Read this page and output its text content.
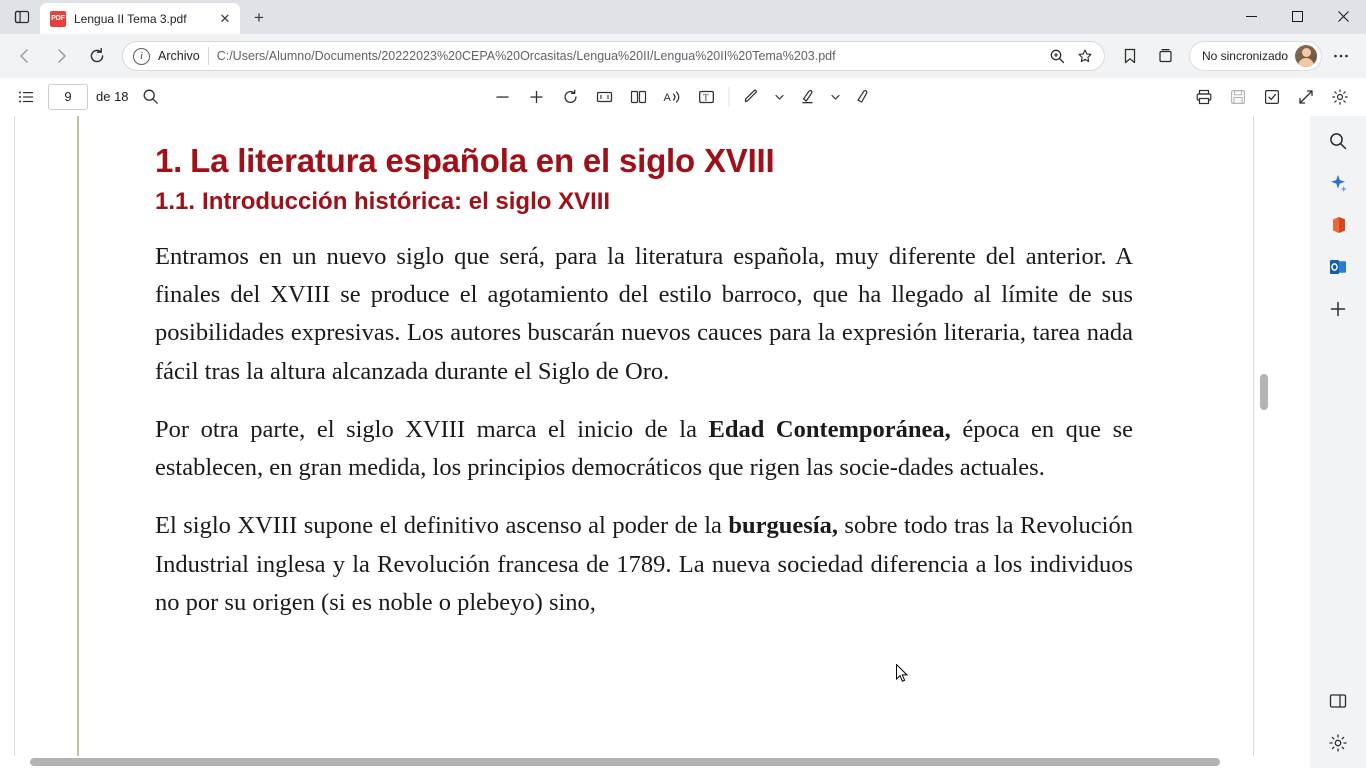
PDF Lengua II Tema 3.pdf	✕	+
i	Archivo C:/Users/Alumno/Documents/20222023%20CEPA%20Orcasitas/Lengua%20II/Lengua%20II%20Tema%203.pdf	No sincronizado
9
de 18	A	T
1. La literatura española en el siglo XVIII
1.1. Introducción histórica: el siglo XVIII

Entramos en un nuevo siglo que será, para la literatura española, muy diferente del anterior. A finales del XVIII se produce el agotamiento del estilo barroco, que ha llegado al límite de sus posibilidades expresivas. Los autores buscarán nuevos cauces para la expresión literaria, tarea nada fácil tras la altura alcanzada durante el Siglo de Oro.

Por otra parte, el siglo XVIII marca el inicio de la Edad Contemporánea, época en que se establecen, en gran medida, los principios democráticos que rigen las socie-dades actuales.

El siglo XVIII supone el definitivo ascenso al poder de la burguesía, sobre todo tras la Revolución Industrial inglesa y la Revolución francesa de 1789. La nueva sociedad diferencia a los individuos no por su origen (si es noble o plebeyo) sino,
